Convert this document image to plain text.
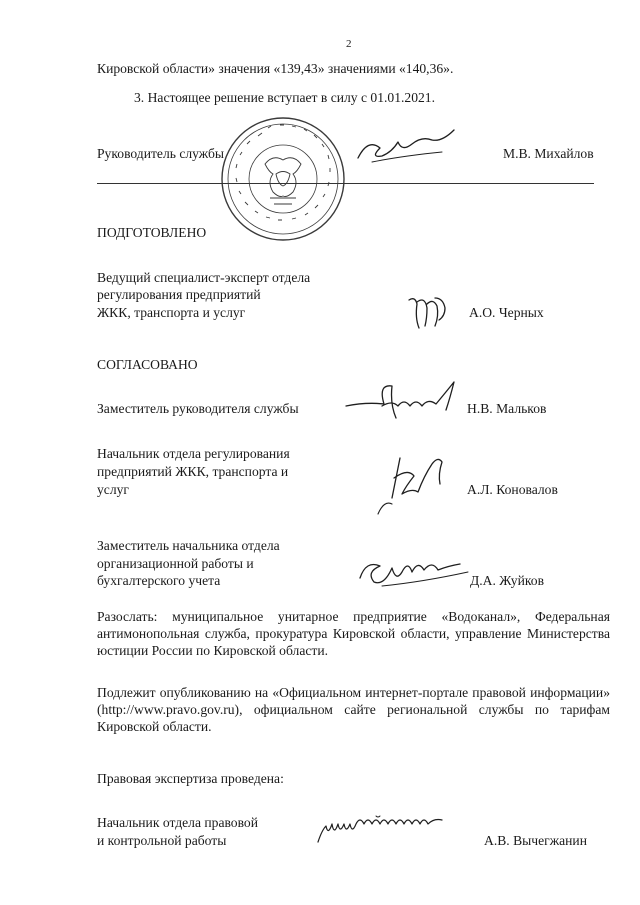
2
Кировской области» значения «139,43» значениями «140,36».
3. Настоящее решение вступает в силу с 01.01.2021.
Руководитель службы	М.В. Михайлов
ПОДГОТОВЛЕНО
Ведущий специалист-эксперт отдела
регулирования предприятий
ЖКК, транспорта и услуг	А.О. Черных
СОГЛАСОВАНО
Заместитель руководителя службы	Н.В. Мальков
Начальник отдела регулирования
предприятий ЖКК, транспорта и
услуг	А.Л. Коновалов
Заместитель начальника отдела
организационной работы и
бухгалтерского учета	Д.А. Жуйков
Разослать: муниципальное унитарное предприятие «Водоканал», Федеральная антимонопольная служба, прокуратура Кировской области, управление Министерства юстиции России по Кировской области.
Подлежит опубликованию на «Официальном интернет-портале правовой информации» (http://www.pravo.gov.ru), официальном сайте региональной службы по тарифам Кировской области.
Правовая экспертиза проведена:
Начальник отдела правовой
и контрольной работы	А.В. Вычегжанин
